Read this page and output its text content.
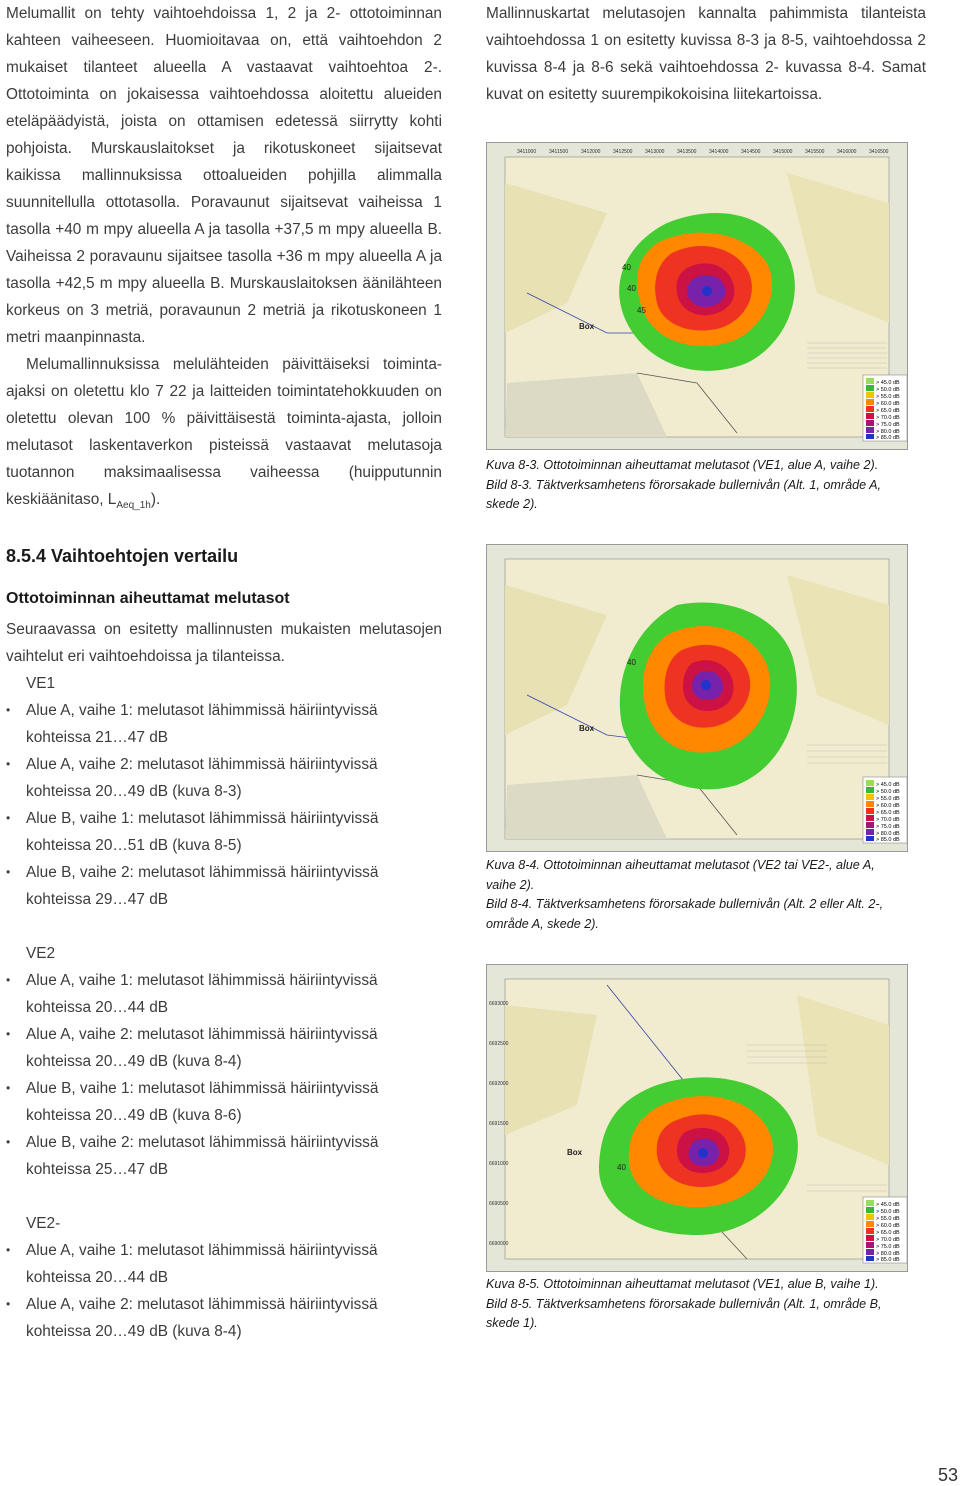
Melumallit on tehty vaihtoehdoissa 1, 2 ja 2- ottotoiminnan kahteen vaiheeseen. Huomioitavaa on, että vaihtoehdon 2 mukaiset tilanteet alueella A vastaavat vaihtoehtoa 2-. Ottotoiminta on jokaisessa vaihtoehdossa aloitettu alueiden eteläpäädyistä, joista on ottamisen edetessä siirrytty kohti pohjoista. Murskauslaitokset ja rikotuskoneet sijaitsevat kaikissa mallinnuksissa ottoalueiden pohjilla alimmalla suunnitellulla ottotasolla. Poravaunut sijaitsevat vaiheissa 1 tasolla +40 m mpy alueella A ja tasolla +37,5 m mpy alueella B. Vaiheissa 2 poravaunu sijaitsee tasolla +36 m mpy alueella A ja tasolla +42,5 m mpy alueella B. Murskauslaitoksen äänilähteen korkeus on 3 metriä, poravaunun 2 metriä ja rikotuskoneen 1 metri maanpinnasta.

Melumallinnuksissa melulähteiden päivittäiseksi toiminta-ajaksi on oletettu klo 7 22 ja laitteiden toimintatehokkuuden on oletettu olevan 100 % päivittäisestä toiminta-ajasta, jolloin melutasot laskentaverkon pisteissä vastaavat melutasoja tuotannon maksimaalisessa vaiheessa (huipputunnin keskiäänitaso, $L_{Aeq\_1h}$).

8.5.4 Vaihtoehtojen vertailu
Ottotoiminnan aiheuttamat melutasot

Seuraavassa on esitetty mallinnusten mukaisten melutasojen vaihtelut eri vaihtoehdoissa ja tilanteissa.

VE1
• Alue A, vaihe 1: melutasot lähimmissä häiriintyvissä
kohteissa 21…47 dB
• Alue A, vaihe 2: melutasot lähimmissä häiriintyvissä
kohteissa 20…49 dB (kuva 8-3)
• Alue B, vaihe 1: melutasot lähimmissä häiriintyvissä
kohteissa 20…51 dB (kuva 8-5)
• Alue B, vaihe 2: melutasot lähimmissä häiriintyvissä
kohteissa 29…47 dB
VE2
• Alue A, vaihe 1: melutasot lähimmissä häiriintyvissä
kohteissa 20…44 dB
• Alue A, vaihe 2: melutasot lähimmissä häiriintyvissä
kohteissa 20…49 dB (kuva 8-4)
• Alue B, vaihe 1: melutasot lähimmissä häiriintyvissä
kohteissa 20…49 dB (kuva 8-6)
• Alue B, vaihe 2: melutasot lähimmissä häiriintyvissä
kohteissa 25…47 dB
VE2-
• Alue A, vaihe 1: melutasot lähimmissä häiriintyvissä
kohteissa 20…44 dB
• Alue A, vaihe 2: melutasot lähimmissä häiriintyvissä
kohteissa 20…49 dB (kuva 8-4)

Mallinnuskartat melutasojen kannalta pahimmista tilanteista vaihtoehdossa 1 on esitetty kuvissa 8-3 ja 8-5, vaihtoehdossa 2 kuvissa 8-4 ja 8-6 sekä vaihtoehdossa 2- kuvassa 8-4. Samat kuvat on esitetty suurempikokoisina liitekartoissa.

40
40
45
Box
> 45.0 dB
> 50.0 dB
> 55.0 dB
> 60.0 dB
> 65.0 dB
> 70.0 dB
> 75.0 dB
> 80.0 dB
> 85.0 dB
3411000	3411500	3412000	3412500	3413000	3413500	3414000	3414500	3415000	3415500	3416000	3416500
Kuva 8-3. Ottotoiminnan aiheuttamat melutasot (VE1, alue A, vaihe 2).
Bild 8-3. Täktverksamhetens förorsakade bullernivån (Alt. 1, område A, skede 2).
40
Box
> 45.0 dB
> 50.0 dB
> 55.0 dB
> 60.0 dB
> 65.0 dB
> 70.0 dB
> 75.0 dB
> 80.0 dB
> 85.0 dB
Kuva 8-4. Ottotoiminnan aiheuttamat melutasot (VE2 tai VE2-, alue A, vaihe 2).
Bild 8-4. Täktverksamhetens förorsakade bullernivån (Alt. 2 eller Alt. 2-, område A, skede 2).
40
Box
> 45.0 dB
> 50.0 dB
> 55.0 dB
> 60.0 dB
> 65.0 dB
> 70.0 dB
> 75.0 dB
> 80.0 dB
> 85.0 dB
6693000
6692500
6692000
6691500
6691000
6690500
6690000
Kuva 8-5. Ottotoiminnan aiheuttamat melutasot (VE1, alue B, vaihe 1).
Bild 8-5. Täktverksamhetens förorsakade bullernivån (Alt. 1, område B, skede 1).
53
